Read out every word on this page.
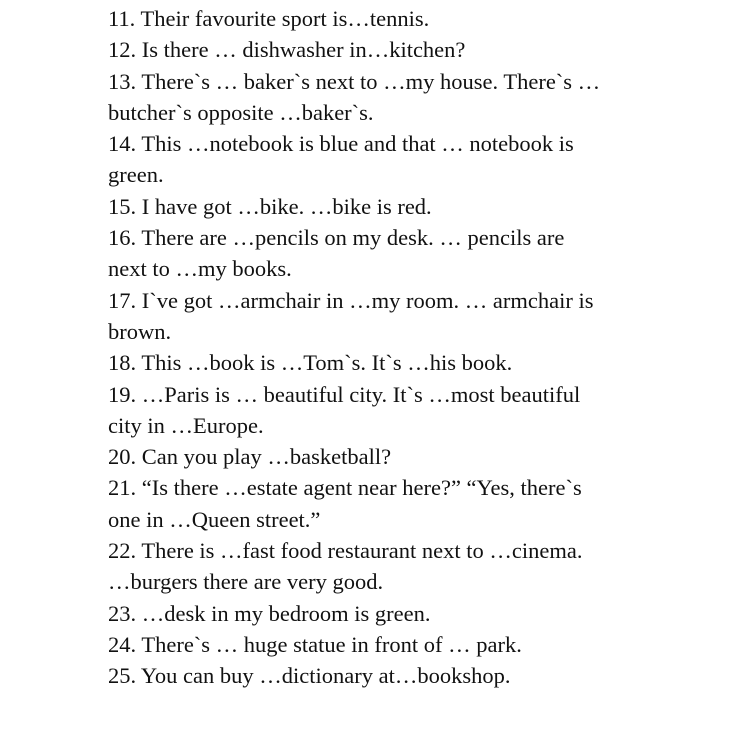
11. Their favourite sport is…tennis.

12. Is there … dishwasher in…kitchen?

13. There`s … baker`s next to …my house. There`s …
butcher`s opposite …baker`s.

14. This …notebook is blue and that … notebook is
green.

15. I have got …bike. …bike is red.

16. There are …pencils on my desk. … pencils are
next to …my books.

17. I`ve got …armchair in …my room. … armchair is
brown.

18. This …book is …Tom`s. It`s …his book.

19. …Paris is … beautiful city. It`s …most beautiful
city in …Europe.

20. Can you play …basketball?

21. “Is there …estate agent near here?” “Yes, there`s
one in …Queen street.”

22. There is …fast food restaurant next to …cinema.
…burgers there are very good.

23. …desk in my bedroom is green.

24. There`s … huge statue in front of … park.

25. You can buy …dictionary at…bookshop.
